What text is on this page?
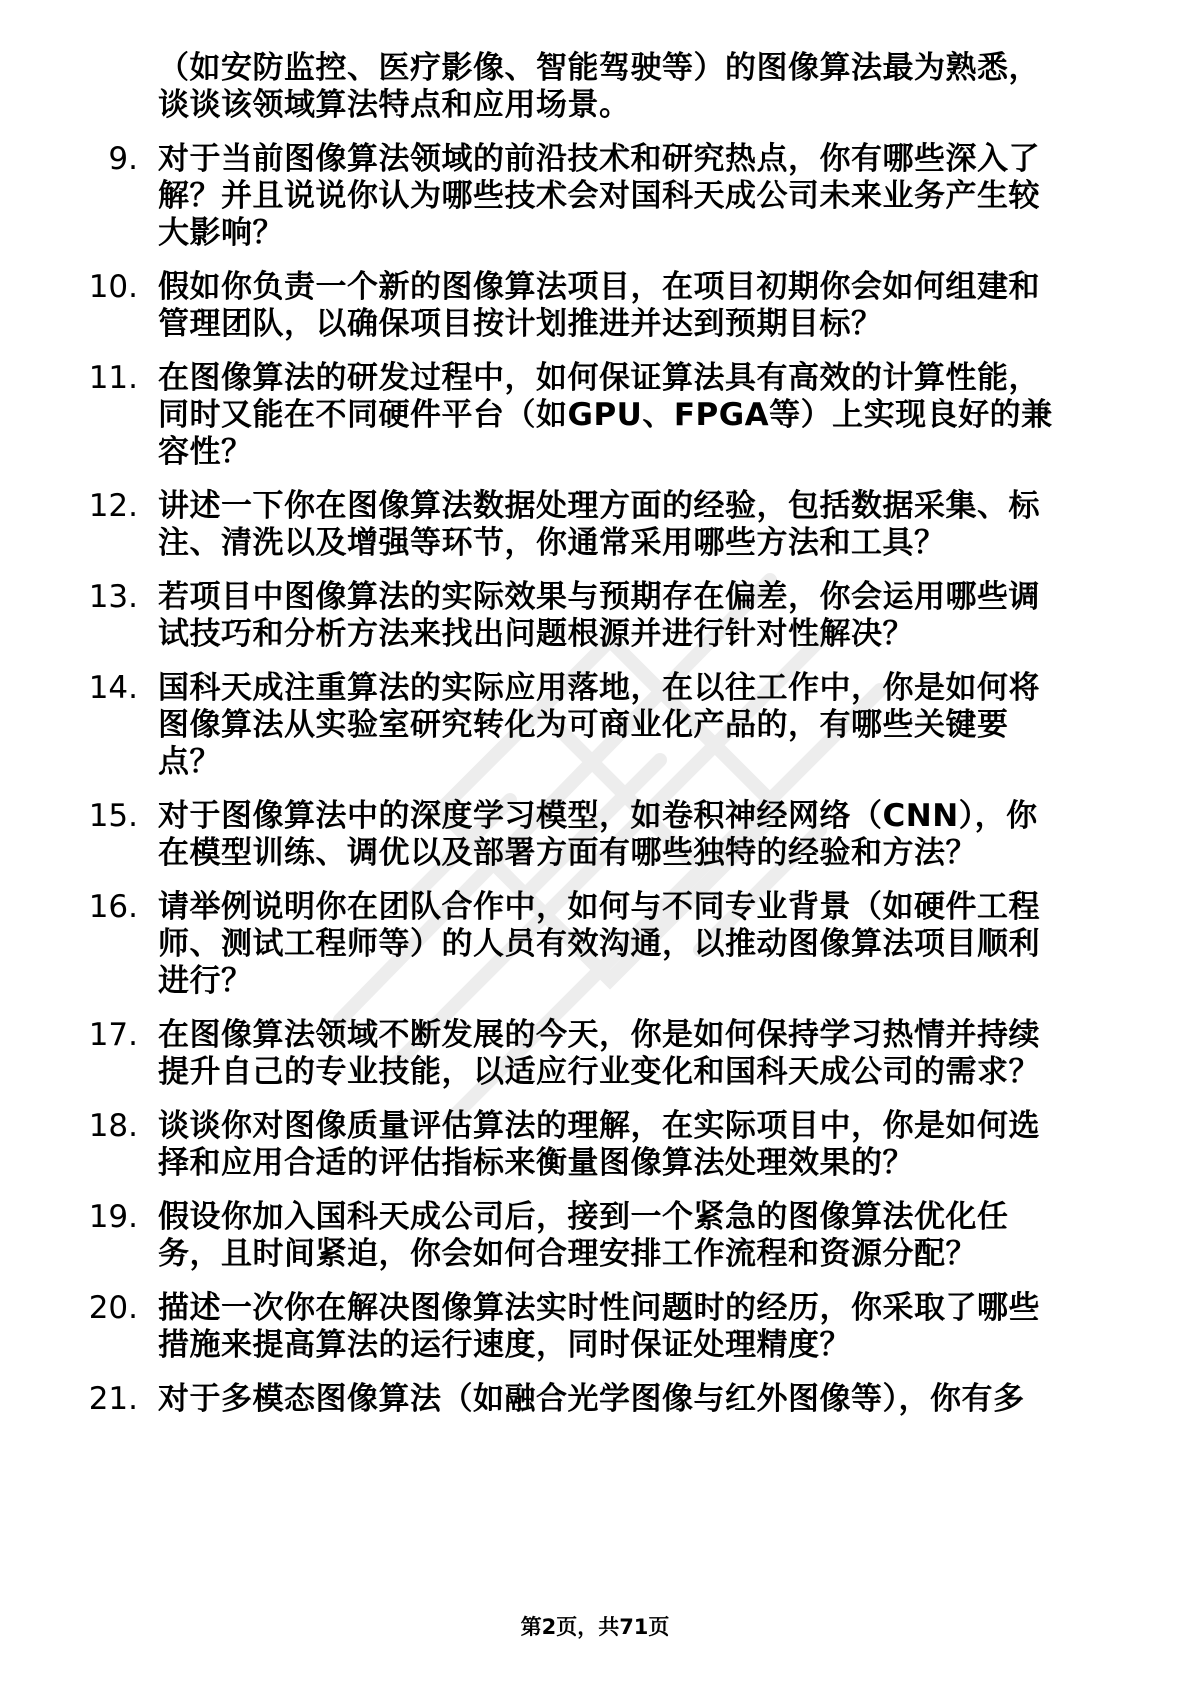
（如安防监控、医疗影像、智能驾驶等）的图像算法最为熟悉，
谈谈该领域算法特点和应用场景。
9. 对于当前图像算法领域的前沿技术和研究热点，你有哪些深入了
解？并且说说你认为哪些技术会对国科天成公司未来业务产生较
大影响？
10. 假如你负责一个新的图像算法项目，在项目初期你会如何组建和
管理团队，以确保项目按计划推进并达到预期目标？
11. 在图像算法的研发过程中，如何保证算法具有高效的计算性能，
同时又能在不同硬件平台（如GPU、FPGA等）上实现良好的兼
容性？
12. 讲述一下你在图像算法数据处理方面的经验，包括数据采集、标
注、清洗以及增强等环节，你通常采用哪些方法和工具？
13. 若项目中图像算法的实际效果与预期存在偏差，你会运用哪些调
试技巧和分析方法来找出问题根源并进行针对性解决？
14. 国科天成注重算法的实际应用落地，在以往工作中，你是如何将
图像算法从实验室研究转化为可商业化产品的，有哪些关键要
点？
15. 对于图像算法中的深度学习模型，如卷积神经网络（CNN），你
在模型训练、调优以及部署方面有哪些独特的经验和方法？
16. 请举例说明你在团队合作中，如何与不同专业背景（如硬件工程
师、测试工程师等）的人员有效沟通，以推动图像算法项目顺利
进行？
17. 在图像算法领域不断发展的今天，你是如何保持学习热情并持续
提升自己的专业技能，以适应行业变化和国科天成公司的需求？
18. 谈谈你对图像质量评估算法的理解，在实际项目中，你是如何选
择和应用合适的评估指标来衡量图像算法处理效果的？
19. 假设你加入国科天成公司后，接到一个紧急的图像算法优化任
务，且时间紧迫，你会如何合理安排工作流程和资源分配？
20. 描述一次你在解决图像算法实时性问题时的经历，你采取了哪些
措施来提高算法的运行速度，同时保证处理精度？
21. 对于多模态图像算法（如融合光学图像与红外图像等），你有多
第2页，共71页
